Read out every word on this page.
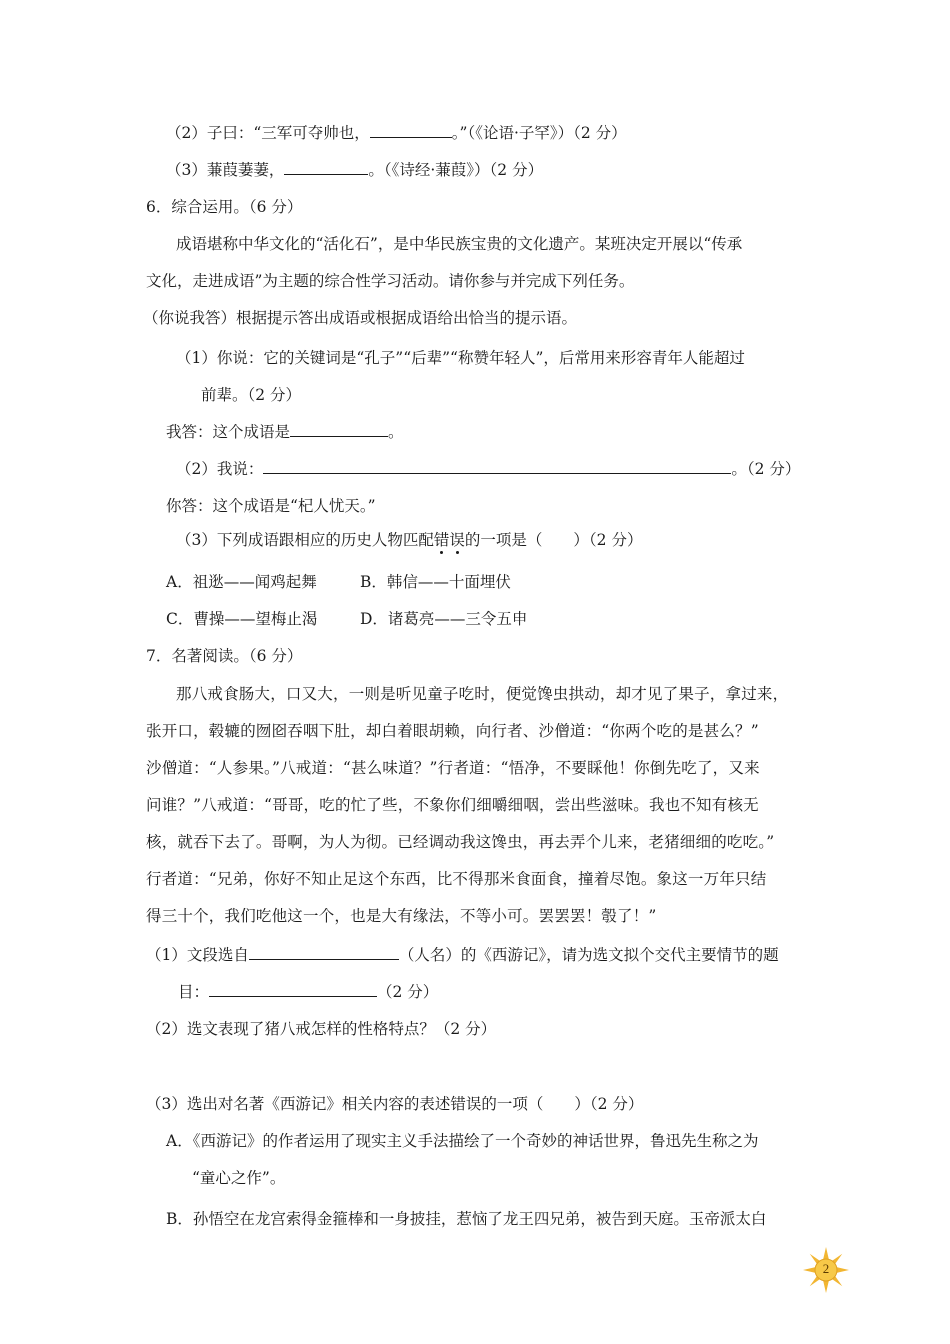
（2）子曰：“三军可夺帅也，	。”（《论语·子罕》）（2 分）
（3）蒹葭萋萋，	。（《诗经·蒹葭》）（2 分）
6．综合运用。（6 分）
成语堪称中华文化的“活化石”，是中华民族宝贵的文化遗产。某班决定开展以“传承
文化，走进成语”为主题的综合性学习活动。请你参与并完成下列任务。
（你说我答）根据提示答出成语或根据成语给出恰当的提示语。
（1）你说：它的关键词是“孔子”“后辈”“称赞年轻人”，后常用来形容青年人能超过
前辈。（2 分）
我答：这个成语是	。
（2）我说：	。（2 分）
你答：这个成语是“杞人忧天。”
（3）下列成语跟相应的历史人物匹配错误的一项是（　　）（2 分）
A．祖逖——闻鸡起舞	B．韩信——十面埋伏
C．曹操——望梅止渴	D．诸葛亮——三令五申
7．名著阅读。（6 分）
那八戒食肠大，口又大，一则是听见童子吃时，便觉馋虫拱动，却才见了果子，拿过来，
张开口，毂辘的囫囵吞咽下肚，却白着眼胡赖，向行者、沙僧道：“你两个吃的是甚么？”
沙僧道：“人参果。”八戒道：“甚么味道？”行者道：“悟净，不要睬他！你倒先吃了，又来
问谁？”八戒道：“哥哥，吃的忙了些，不象你们细嚼细咽，尝出些滋味。我也不知有核无
核，就吞下去了。哥啊，为人为彻。已经调动我这馋虫，再去弄个儿来，老猪细细的吃吃。”
行者道：“兄弟，你好不知止足这个东西，比不得那米食面食，撞着尽饱。象这一万年只结
得三十个，我们吃他这一个，也是大有缘法，不等小可。罢罢罢！彀了！”
（1）文段选自	（人名）的《西游记》，请为选文拟个交代主要情节的题
目：	（2 分）
（2）选文表现了猪八戒怎样的性格特点？（2 分）
（3）选出对名著《西游记》相关内容的表述错误的一项（　　）（2 分）
A．《西游记》的作者运用了现实主义手法描绘了一个奇妙的神话世界，鲁迅先生称之为
“童心之作”。
B．孙悟空在龙宫索得金箍棒和一身披挂，惹恼了龙王四兄弟，被告到天庭。玉帝派太白
2
